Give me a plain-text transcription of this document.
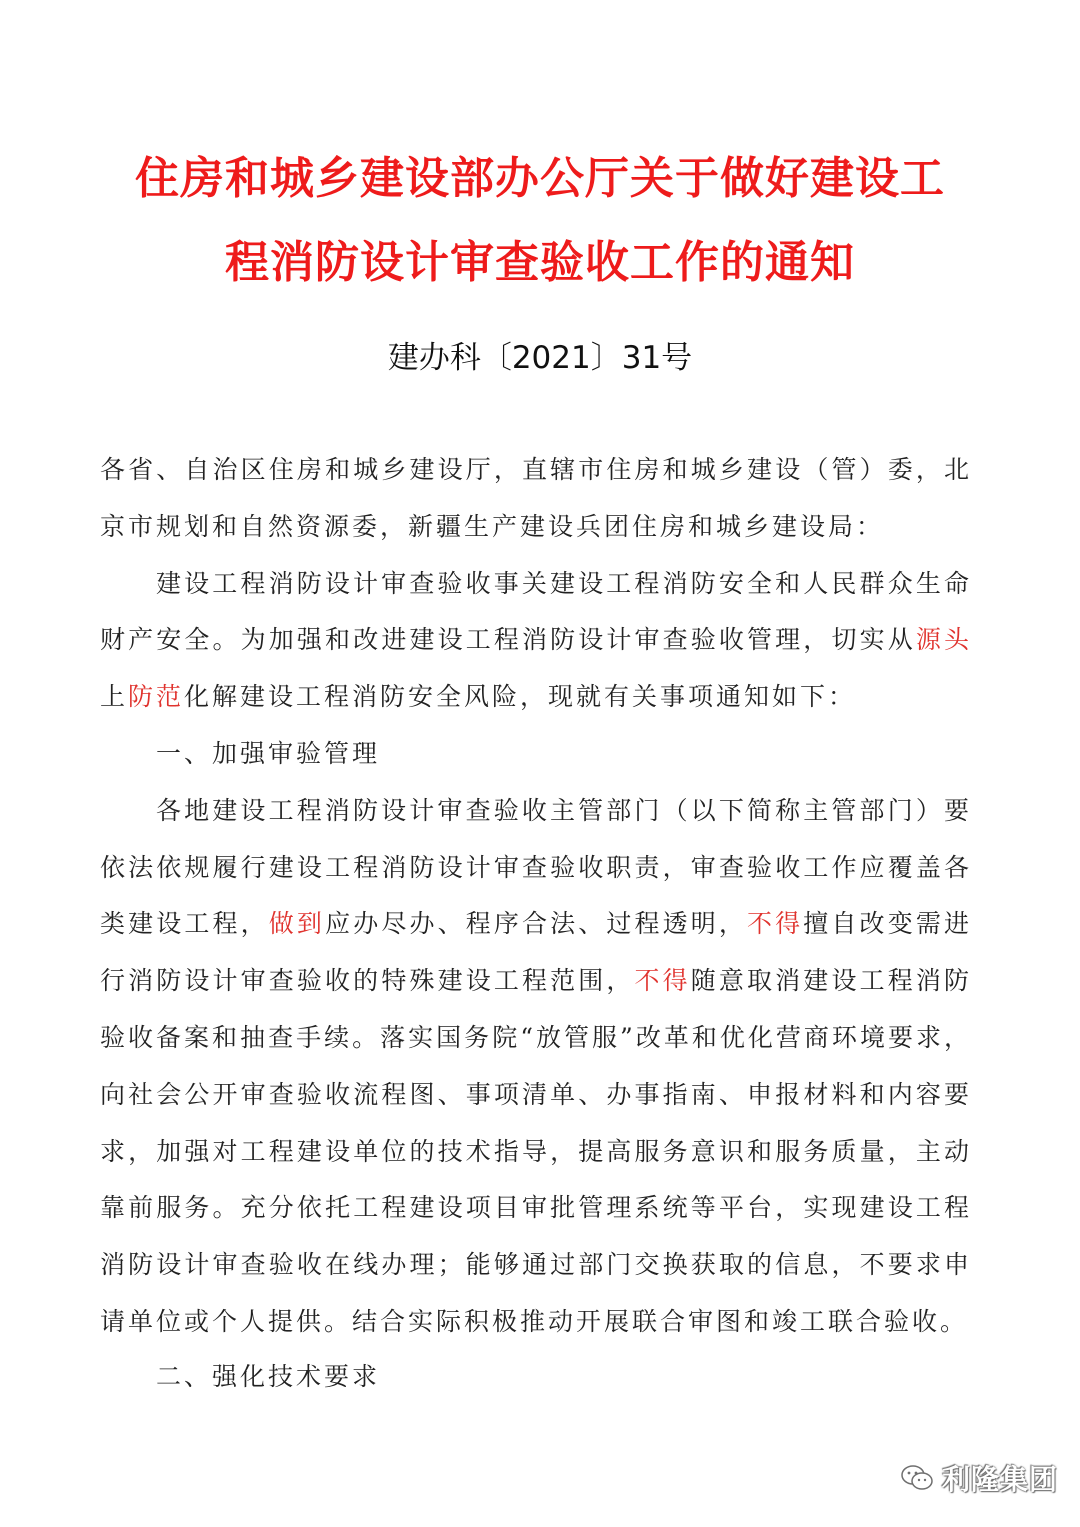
住房和城乡建设部办公厅关于做好建设工
程消防设计审查验收工作的通知
建办科〔2021〕31号

各省、自治区住房和城乡建设厅，直辖市住房和城乡建设（管）委，北京市规划和自然资源委，新疆生产建设兵团住房和城乡建设局：

建设工程消防设计审查验收事关建设工程消防安全和人民群众生命财产安全。为加强和改进建设工程消防设计审查验收管理，切实从源头上防范化解建设工程消防安全风险，现就有关事项通知如下：

一、加强审验管理

各地建设工程消防设计审查验收主管部门（以下简称主管部门）要依法依规履行建设工程消防设计审查验收职责，审查验收工作应覆盖各类建设工程，做到应办尽办、程序合法、过程透明，不得擅自改变需进行消防设计审查验收的特殊建设工程范围，不得随意取消建设工程消防验收备案和抽查手续。落实国务院“放管服”改革和优化营商环境要求，向社会公开审查验收流程图、事项清单、办事指南、申报材料和内容要求，加强对工程建设单位的技术指导，提高服务意识和服务质量，主动靠前服务。充分依托工程建设项目审批管理系统等平台，实现建设工程消防设计审查验收在线办理；能够通过部门交换获取的信息，不要求申请单位或个人提供。结合实际积极推动开展联合审图和竣工联合验收。

二、强化技术要求
利隆集团
